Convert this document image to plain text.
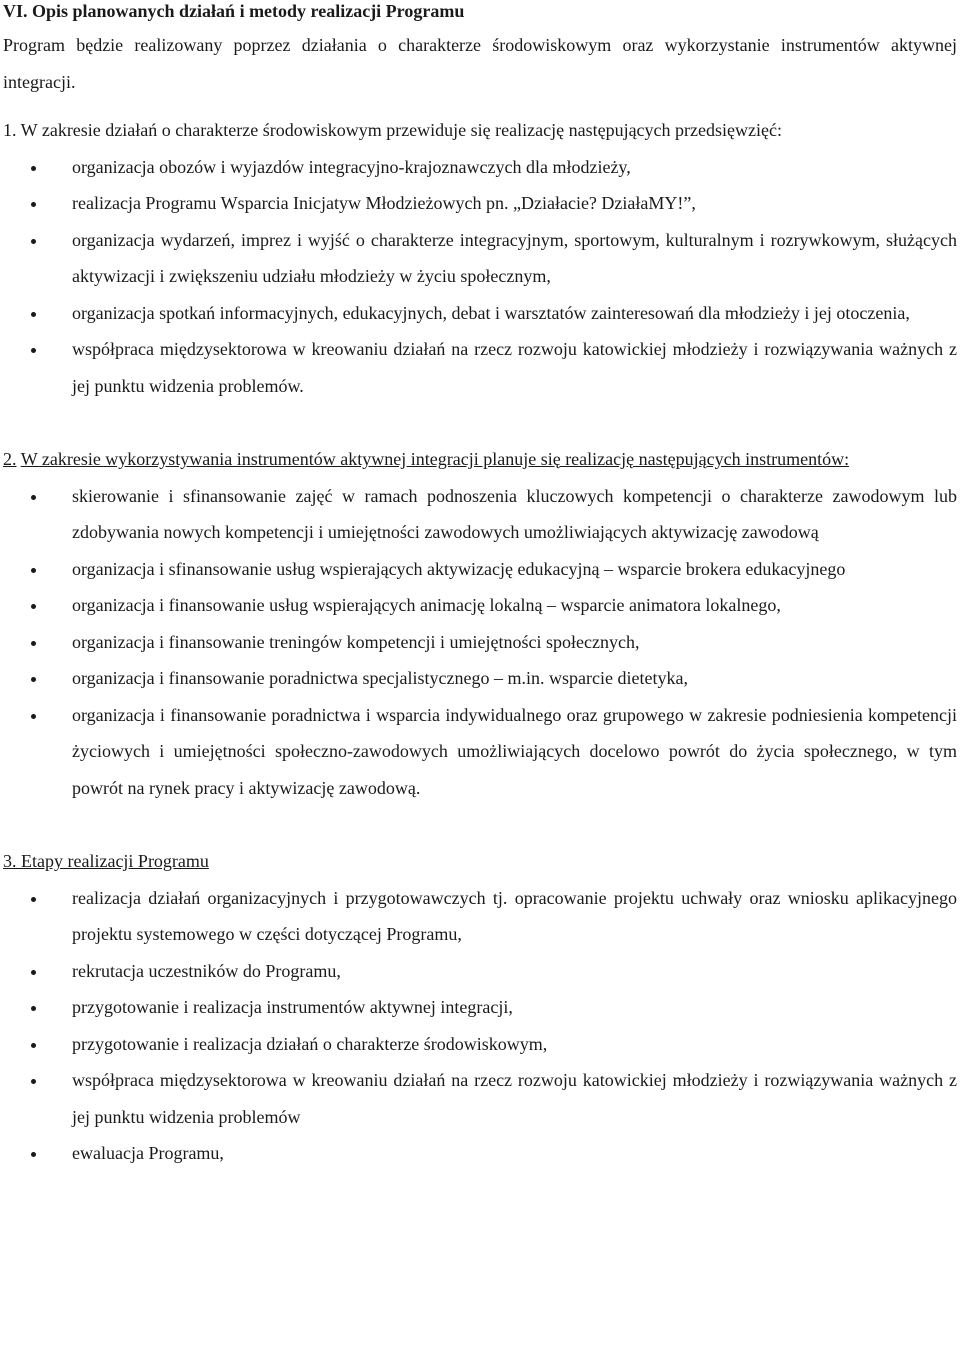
VI. Opis planowanych działań i metody realizacji Programu

Program będzie realizowany poprzez działania o charakterze środowiskowym oraz wykorzystanie instrumentów aktywnej integracji.

1. W zakresie działań o charakterze środowiskowym przewiduje się realizację następujących przedsięwzięć:

organizacja obozów i wyjazdów integracyjno-krajoznawczych dla młodzieży,
realizacja Programu Wsparcia Inicjatyw Młodzieżowych pn. „Działacie? DziałaMY!”,
organizacja wydarzeń, imprez i wyjść o charakterze integracyjnym, sportowym, kulturalnym i rozrywkowym, służących aktywizacji i zwiększeniu udziału młodzieży w życiu społecznym,
organizacja spotkań informacyjnych, edukacyjnych, debat i warsztatów zainteresowań dla młodzieży i jej otoczenia,
współpraca międzysektorowa w kreowaniu działań na rzecz rozwoju katowickiej młodzieży i rozwiązywania ważnych z jej punktu widzenia problemów.

2. W zakresie wykorzystywania instrumentów aktywnej integracji planuje się realizację następujących instrumentów:

skierowanie i sfinansowanie zajęć w ramach podnoszenia kluczowych kompetencji o charakterze zawodowym lub zdobywania nowych kompetencji i umiejętności zawodowych umożliwiających aktywizację zawodową
organizacja i sfinansowanie usług wspierających aktywizację edukacyjną – wsparcie brokera edukacyjnego
organizacja i finansowanie usług wspierających animację lokalną – wsparcie animatora lokalnego,
organizacja i finansowanie treningów kompetencji i umiejętności społecznych,
organizacja i finansowanie poradnictwa specjalistycznego – m.in. wsparcie dietetyka,
organizacja i finansowanie poradnictwa i wsparcia indywidualnego oraz grupowego w zakresie podniesienia kompetencji życiowych i umiejętności społeczno-zawodowych umożliwiających docelowo powrót do życia społecznego, w tym powrót na rynek pracy i aktywizację zawodową.

3. Etapy realizacji Programu

realizacja działań organizacyjnych i przygotowawczych tj. opracowanie projektu uchwały oraz wniosku aplikacyjnego projektu systemowego w części dotyczącej Programu,
rekrutacja uczestników do Programu,
przygotowanie i realizacja instrumentów aktywnej integracji,
przygotowanie i realizacja działań o charakterze środowiskowym,
współpraca międzysektorowa w kreowaniu działań na rzecz rozwoju katowickiej młodzieży i rozwiązywania ważnych z jej punktu widzenia problemów
ewaluacja Programu,
